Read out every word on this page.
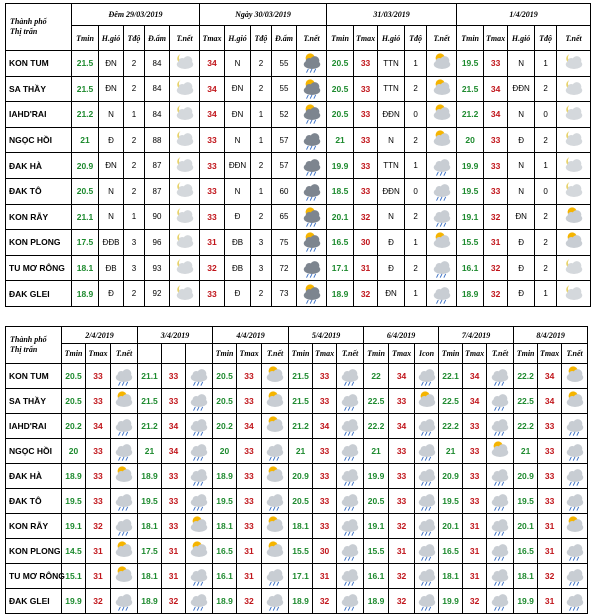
Thành phố
Thị trấn	Đêm 29/03/2019					Ngày 30/03/2019					31/03/2019					1/4/2019				
	Tmin	H.gió	Tđộ	Đ.ẩm	T.nết	Tmax	H.gió	Tđộ	Đ.ẩm	T.nết	Tmin	Tmax	H.gió	Tđộ	T.nết	Tmin	Tmax	H.gió	Tđộ	T.nết
KON TUM	21.5	ĐN	2	84		34	N	2	55		20.5	33	TTN	1		19.5	33	N	1	

SA THẦY	21.5	ĐN	2	84		34	ĐN	2	55		20.5	33	TTN	2		21.5	34	ĐĐN	2	

IAHD'RAI	21.2	N	1	84		34	ĐN	1	52		20.5	33	ĐĐN	0		21.2	34	N	0	

NGỌC HỒI	21	Đ	2	88		33	N	1	57		21	33	N	2		20	33	Đ	2	

ĐAK HÀ	20.9	ĐN	2	87		33	ĐĐN	2	57		19.9	33	TTN	1		19.9	33	N	1	

ĐAK TÔ	20.5	N	2	87		33	N	1	60		18.5	33	ĐĐN	0		19.5	33	N	0	

KON RẪY	21.1	N	1	90		33	Đ	2	65		20.1	32	N	2		19.1	32	ĐN	2	

KON PLONG	17.5	ĐĐB	3	96		31	ĐB	3	75		16.5	30	Đ	1		15.5	31	Đ	2	

TU MƠ RÔNG	18.1	ĐB	3	93		32	ĐB	3	72		17.1	31	Đ	2		16.1	32	Đ	2	

ĐAK GLEI	18.9	Đ	2	92		33	Đ	2	73		18.9	32	ĐN	1		18.9	32	Đ	1	
Thành phố
Thị trấn	2/4/2019			3/4/2019			4/4/2019			5/4/2019			6/4/2019			7/4/2019			8/4/2019		
	Tmin	Tmax	T.nết				Tmin	Tmax	T.nết	Tmin	Tmax	T.nết	Tmin	Tmax	Icon	Tmin	Tmax	T.nết	Tmin	Tmax	T.nết
KON TUM	20.5	33		21.1	33		20.5	33		21.5	33		22	34		22.1	34		22.2	34	

SA THẦY	20.5	33		21.5	33		20.5	33		21.5	33		22.5	33		22.5	34		22.5	34	

IAHD'RAI	20.2	34		21.2	34		20.2	34		21.2	34		22.2	34		22.2	33		22.2	33	

NGỌC HỒI	20	33		21	34		20	33		21	33		21	33		21	33		21	33	

ĐAK HÀ	18.9	33		18.9	33		18.9	33		20.9	33		19.9	33		20.9	33		20.9	33	

ĐAK TÔ	19.5	33		19.5	33		19.5	33		20.5	33		20.5	33		19.5	33		19.5	33	

KON RẪY	19.1	32		18.1	33		18.1	33		18.1	33		19.1	32		20.1	31		20.1	31	

KON PLONG	14.5	31		17.5	31		16.5	31		15.5	30		15.5	31		16.5	31		16.5	31	

TU MƠ RÔNG	15.1	31		18.1	31		16.1	31		17.1	31		16.1	32		18.1	31		18.1	32	

ĐAK GLEI	19.9	32		18.9	32		18.9	32		18.9	32		18.9	32		19.9	32		19.9	31	
